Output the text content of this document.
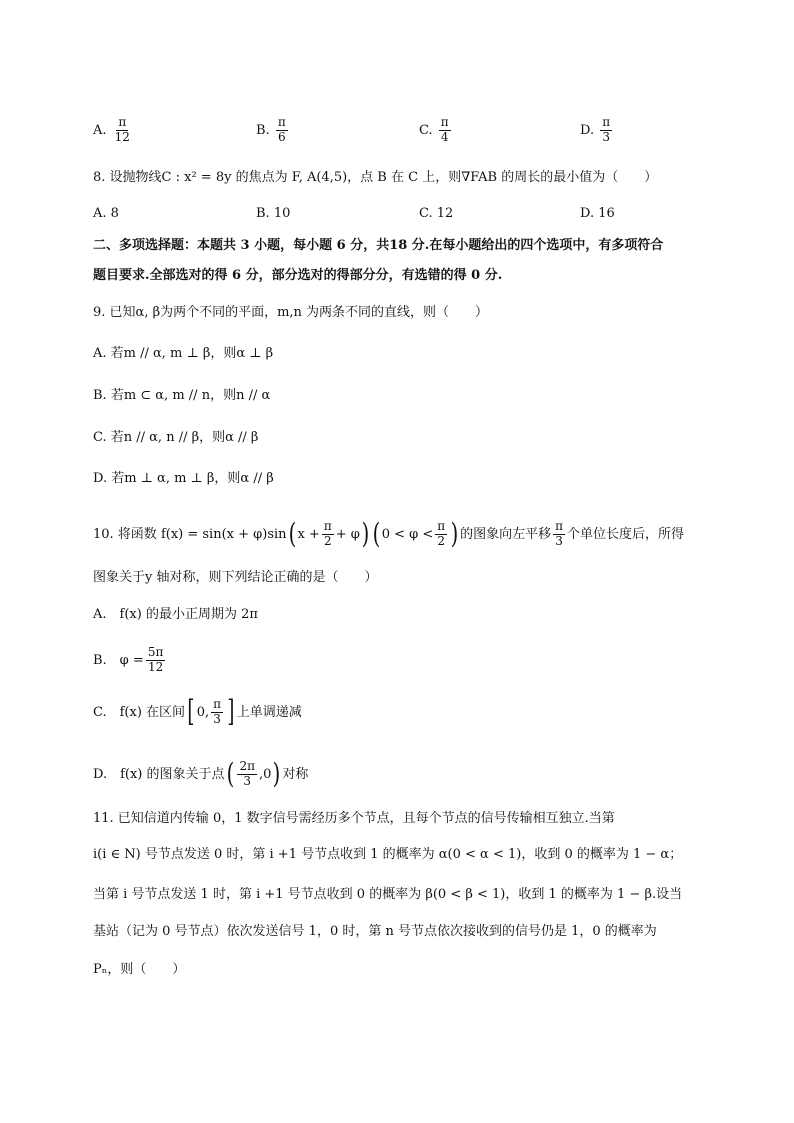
A. $\frac{\pi}{12}$	B. $\frac{\pi}{6}$	C. $\frac{\pi}{4}$	D. $\frac{\pi}{3}$
8. 设抛物线C : x² = 8y 的焦点为 F, A(4,5)，点 B 在 C 上，则∇FAB 的周长的最小值为（　　）
A. 8	B. 10	C. 12	D. 16
二、多项选择题：本题共 3 小题，每小题 6 分，共18 分.在每小题给出的四个选项中，有多项符合
题目要求.全部选对的得 6 分，部分选对的得部分分，有选错的得 0 分.
9. 已知α, β为两个不同的平面，m,n 为两条不同的直线，则（　　）
A. 若m // α, m ⊥ β，则α ⊥ β
B. 若m ⊂ α, m // n，则n // α
C. 若n // α, n // β，则α // β
D. 若m ⊥ α, m ⊥ β，则α // β
10. 将函数 f(x) = sin(x + φ)sin( $x + \frac{\pi}{2} + \varphi$) ( $0 < \varphi < \frac{\pi}{2}$ ) 的图象向左平移 $\frac{\pi}{3}$ 个单位长度后，所得
图象关于y 轴对称，则下列结论正确的是（　　）
A.　f(x) 的最小正周期为 2π
B.　$\varphi = \frac{5\pi}{12}$
C.　f(x) 在区间[ 0, $\frac{\pi}{3}$ ] 上单调递减
D.　f(x) 的图象关于点( $\frac{2\pi}{3} ,0$) 对称
11. 已知信道内传输 0，1 数字信号需经历多个节点，且每个节点的信号传输相互独立.当第
i(i ∈ N) 号节点发送 0 时，第 i +1 号节点收到 1 的概率为 α(0 < α < 1)，收到 0 的概率为 1 − α；
当第 i 号节点发送 1 时，第 i +1 号节点收到 0 的概率为 β(0 < β < 1)，收到 1 的概率为 1 − β.设当
基站（记为 0 号节点）依次发送信号 1，0 时，第 n 号节点依次接收到的信号仍是 1，0 的概率为
Pₙ，则（　　）
